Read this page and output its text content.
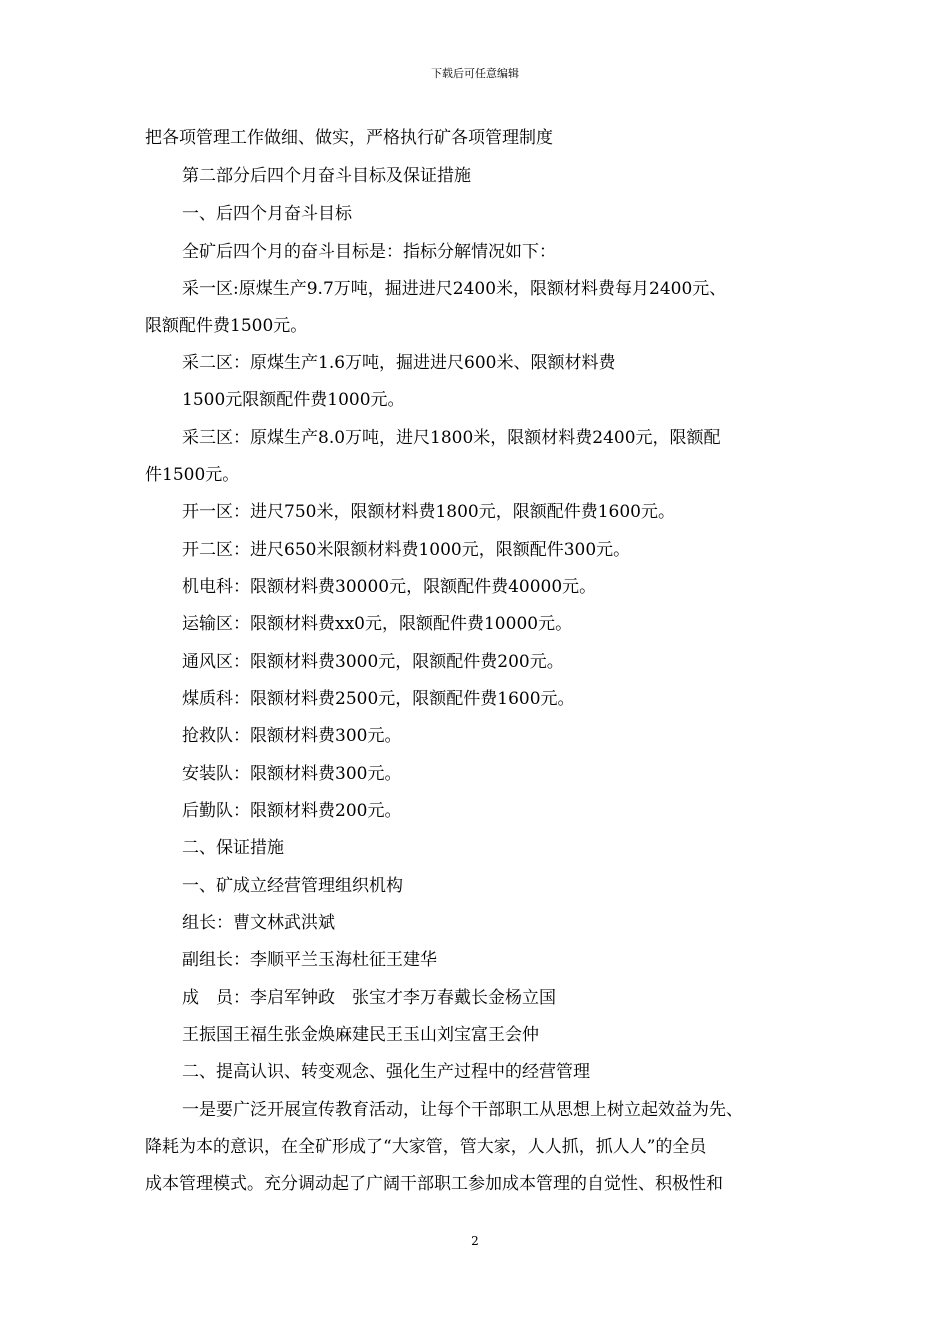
下载后可任意编辑
把各项管理工作做细、做实，严格执行矿各项管理制度
第二部分后四个月奋斗目标及保证措施
一、后四个月奋斗目标
全矿后四个月的奋斗目标是：指标分解情况如下：
采一区:原煤生产9.7万吨，掘进进尺2400米，限额材料费每月2400元、
限额配件费1500元。
采二区：原煤生产1.6万吨，掘进进尺600米、限额材料费
1500元限额配件费1000元。
采三区：原煤生产8.0万吨，进尺1800米，限额材料费2400元，限额配
件1500元。
开一区：进尺750米，限额材料费1800元，限额配件费1600元。
开二区：进尺650米限额材料费1000元，限额配件300元。
机电科：限额材料费30000元，限额配件费40000元。
运输区：限额材料费xx0元，限额配件费10000元。
通风区：限额材料费3000元，限额配件费200元。
煤质科：限额材料费2500元，限额配件费1600元。
抢救队：限额材料费300元。
安装队：限额材料费300元。
后勤队：限额材料费200元。
二、保证措施
一、矿成立经营管理组织机构
组长：曹文林武洪斌
副组长：李顺平兰玉海杜征王建华
成　员：李启军钟政　张宝才李万春戴长金杨立国
王振国王福生张金焕麻建民王玉山刘宝富王会仲
二、提高认识、转变观念、强化生产过程中的经营管理
一是要广泛开展宣传教育活动，让每个干部职工从思想上树立起效益为先、
降耗为本的意识，在全矿形成了“大家管，管大家，人人抓，抓人人”的全员
成本管理模式。充分调动起了广阔干部职工参加成本管理的自觉性、积极性和
2
